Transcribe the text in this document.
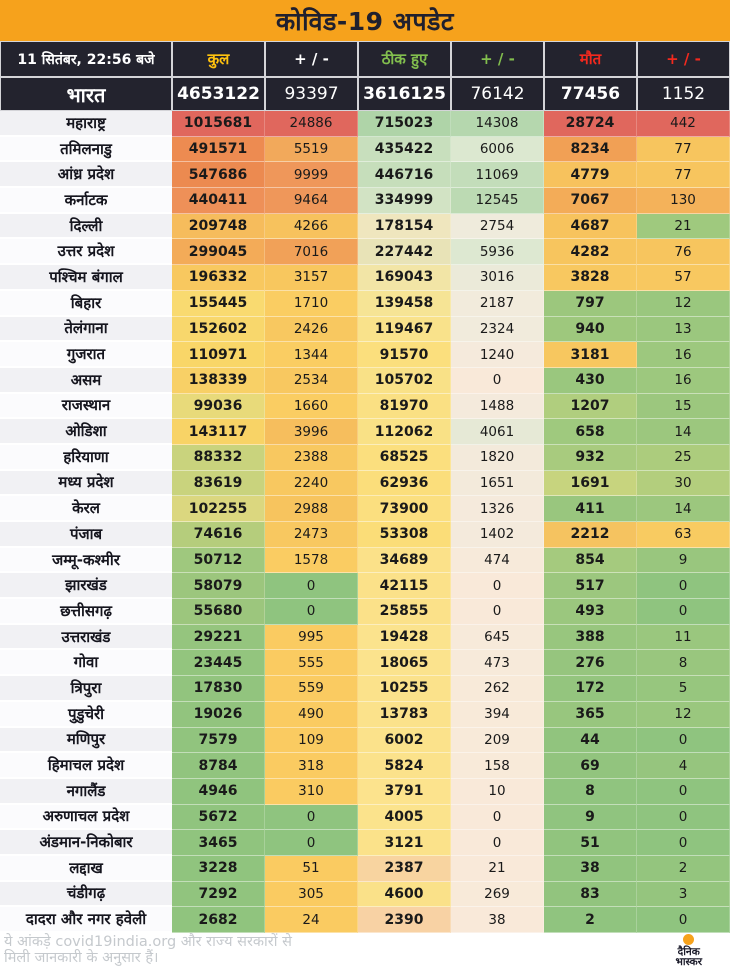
कोविड-19 अपडेट
11 सितंबर, 22:56 बजे	कुल	+ / -	ठीक हुए	+ / -	मौत	+ / -
भारत	4653122	93397	3616125	76142	77456	1152
महाराष्ट्र	1015681	24886	715023	14308	28724	442
तमिलनाडु	491571	5519	435422	6006	8234	77
आंध्र प्रदेश	547686	9999	446716	11069	4779	77
कर्नाटक	440411	9464	334999	12545	7067	130
दिल्ली	209748	4266	178154	2754	4687	21
उत्तर प्रदेश	299045	7016	227442	5936	4282	76
पश्चिम बंगाल	196332	3157	169043	3016	3828	57
बिहार	155445	1710	139458	2187	797	12
तेलंगाना	152602	2426	119467	2324	940	13
गुजरात	110971	1344	91570	1240	3181	16
असम	138339	2534	105702	0	430	16
राजस्थान	99036	1660	81970	1488	1207	15
ओडिशा	143117	3996	112062	4061	658	14
हरियाणा	88332	2388	68525	1820	932	25
मध्य प्रदेश	83619	2240	62936	1651	1691	30
केरल	102255	2988	73900	1326	411	14
पंजाब	74616	2473	53308	1402	2212	63
जम्मू-कश्मीर	50712	1578	34689	474	854	9
झारखंड	58079	0	42115	0	517	0
छत्तीसगढ़	55680	0	25855	0	493	0
उत्तराखंड	29221	995	19428	645	388	11
गोवा	23445	555	18065	473	276	8
त्रिपुरा	17830	559	10255	262	172	5
पुडुचेरी	19026	490	13783	394	365	12
मणिपुर	7579	109	6002	209	44	0
हिमाचल प्रदेश	8784	318	5824	158	69	4
नगालैंड	4946	310	3791	10	8	0
अरुणाचल प्रदेश	5672	0	4005	0	9	0
अंडमान-निकोबार	3465	0	3121	0	51	0
लद्दाख	3228	51	2387	21	38	2
चंडीगढ़	7292	305	4600	269	83	3
दादरा और नगर हवेली	2682	24	2390	38	2	0
ये आंकड़े covid19india.org और राज्य सरकारों से
मिली जानकारी के अनुसार हैं।	दैनिक
भास्कर
